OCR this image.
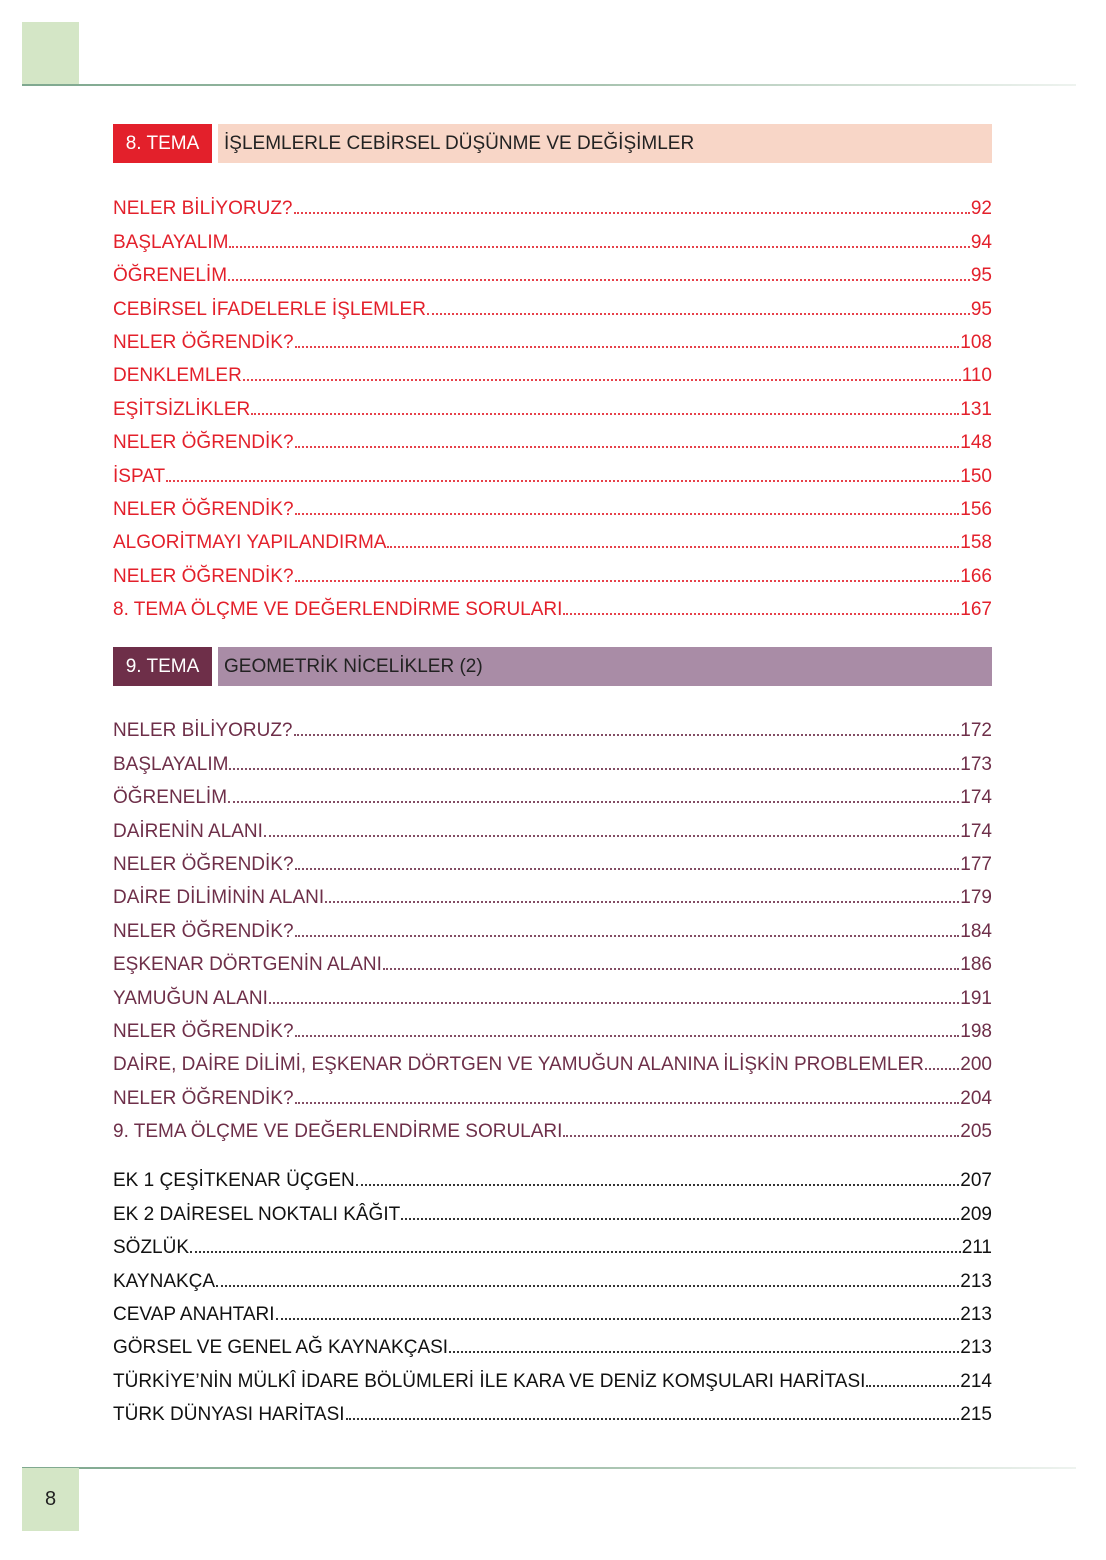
8. TEMA	İŞLEMLERLE CEBİRSEL DÜŞÜNME VE DEĞİŞİMLER
NELER BİLİYORUZ?	92
BAŞLAYALIM	94
ÖĞRENELİM	95
CEBİRSEL İFADELERLE İŞLEMLER	95
NELER ÖĞRENDİK?	108
DENKLEMLER	110
EŞİTSİZLİKLER	131
NELER ÖĞRENDİK?	148
İSPAT	150
NELER ÖĞRENDİK?	156
ALGORİTMAYI YAPILANDIRMA	158
NELER ÖĞRENDİK?	166
8. TEMA ÖLÇME VE DEĞERLENDİRME SORULARI	167
9. TEMA	GEOMETRİK NİCELİKLER (2)
NELER BİLİYORUZ?	172
BAŞLAYALIM	173
ÖĞRENELİM	174
DAİRENİN ALANI	174
NELER ÖĞRENDİK?	177
DAİRE DİLİMİNİN ALANI	179
NELER ÖĞRENDİK?	184
EŞKENAR DÖRTGENİN ALANI	186
YAMUĞUN ALANI	191
NELER ÖĞRENDİK?	198
DAİRE, DAİRE DİLİMİ, EŞKENAR DÖRTGEN VE YAMUĞUN ALANINA İLİŞKİN PROBLEMLER 200
NELER ÖĞRENDİK?	204
9. TEMA ÖLÇME VE DEĞERLENDİRME SORULARI	205
EK 1 ÇEŞİTKENAR ÜÇGEN	207
EK 2 DAİRESEL NOKTALI KÂĞIT	209
SÖZLÜK	211
KAYNAKÇA	213
CEVAP ANAHTARI	213
GÖRSEL VE GENEL AĞ KAYNAKÇASI	213
TÜRKİYE’NİN MÜLKÎ İDARE BÖLÜMLERİ İLE KARA VE DENİZ KOMŞULARI HARİTASI	214
TÜRK DÜNYASI HARİTASI	215
8
